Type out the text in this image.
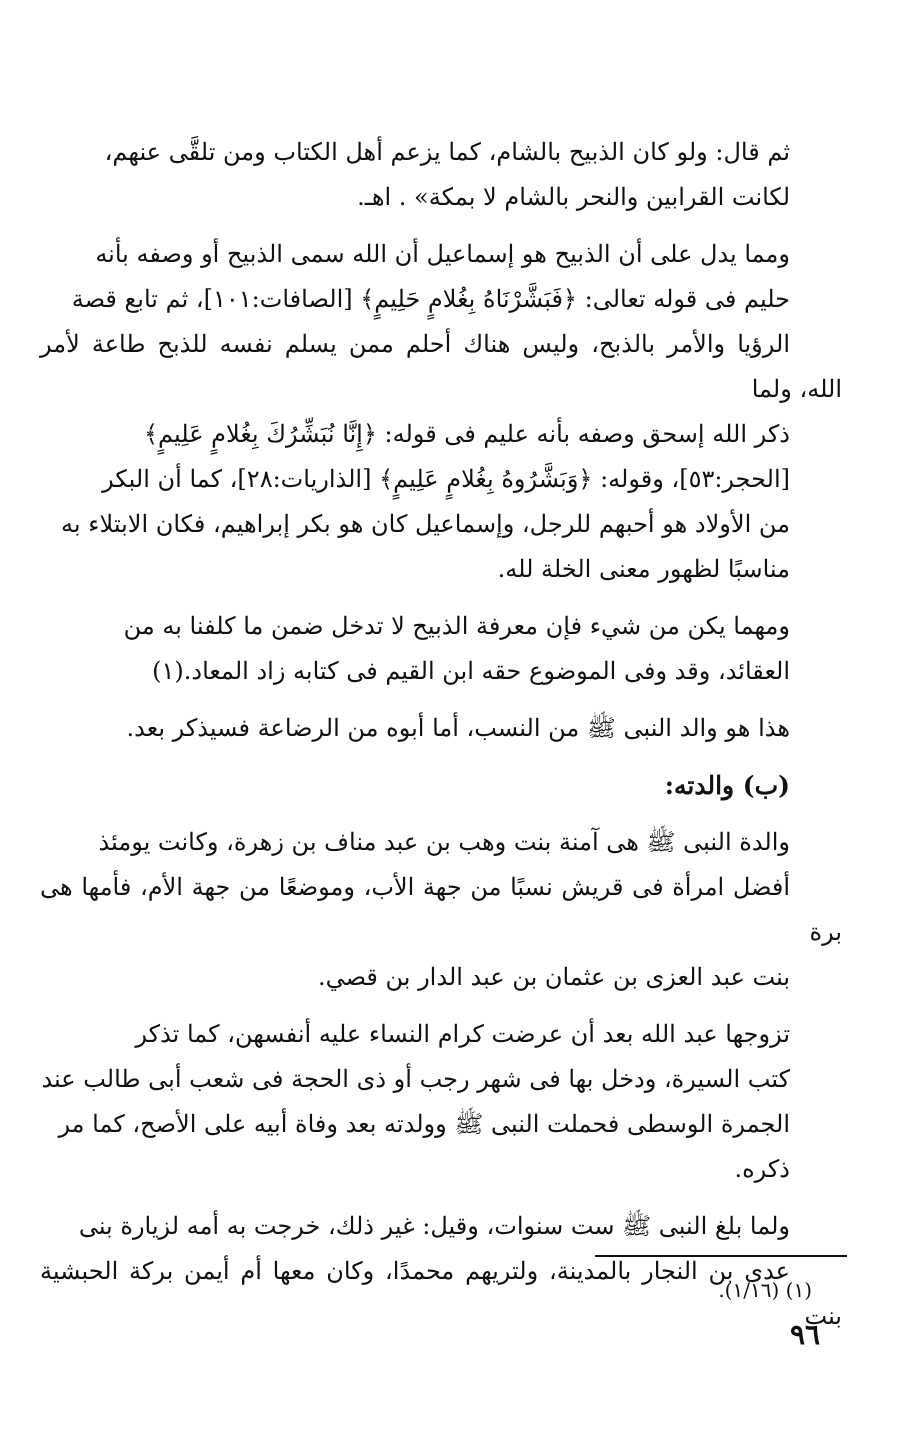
ثم قال: ولو كان الذبيح بالشام، كما يزعم أهل الكتاب ومن تلقَّى عنهم،
لكانت القرابين والنحر بالشام لا بمكة» . اهـ.
ومما يدل على أن الذبيح هو إسماعيل أن الله سمى الذبيح أو وصفه بأنه
حليم فى قوله تعالى: ﴿فَبَشَّرْنَاهُ بِغُلامٍ حَلِيمٍ﴾ [الصافات:١٠١]، ثم تابع قصة
الرؤيا والأمر بالذبح، وليس هناك أحلم ممن يسلم نفسه للذبح طاعة لأمر الله، ولما
ذكر الله إسحق وصفه بأنه عليم فى قوله: ﴿إِنَّا نُبَشِّرُكَ بِغُلامٍ عَلِيمٍ﴾
[الحجر:٥٣]، وقوله: ﴿وَبَشَّرُوهُ بِغُلامٍ عَلِيمٍ﴾ [الذاريات:٢٨]، كما أن البكر
من الأولاد هو أحبهم للرجل، وإسماعيل كان هو بكر إبراهيم، فكان الابتلاء به
مناسبًا لظهور معنى الخلة لله.
ومهما يكن من شيء فإن معرفة الذبيح لا تدخل ضمن ما كلفنا به من
العقائد، وقد وفى الموضوع حقه ابن القيم فى كتابه زاد المعاد.(١)
هذا هو والد النبى ﷺ من النسب، أما أبوه من الرضاعة فسيذكر بعد.
(ب) والدته:
والدة النبى ﷺ هى آمنة بنت وهب بن عبد مناف بن زهرة، وكانت يومئذ
أفضل امرأة فى قريش نسبًا من جهة الأب، وموضعًا من جهة الأم، فأمها هى برة
بنت عبد العزى بن عثمان بن عبد الدار بن قصي.
تزوجها عبد الله بعد أن عرضت كرام النساء عليه أنفسهن، كما تذكر
كتب السيرة، ودخل بها فى شهر رجب أو ذى الحجة فى شعب أبى طالب عند
الجمرة الوسطى فحملت النبى ﷺ وولدته بعد وفاة أبيه على الأصح، كما مر
ذكره.
ولما بلغ النبى ﷺ ست سنوات، وقيل: غير ذلك، خرجت به أمه لزيارة بنى
عدى بن النجار بالمدينة، ولتريهم محمدًا، وكان معها أم أيمن بركة الحبشية بنت
(١) (١/١٦).
٩٦
